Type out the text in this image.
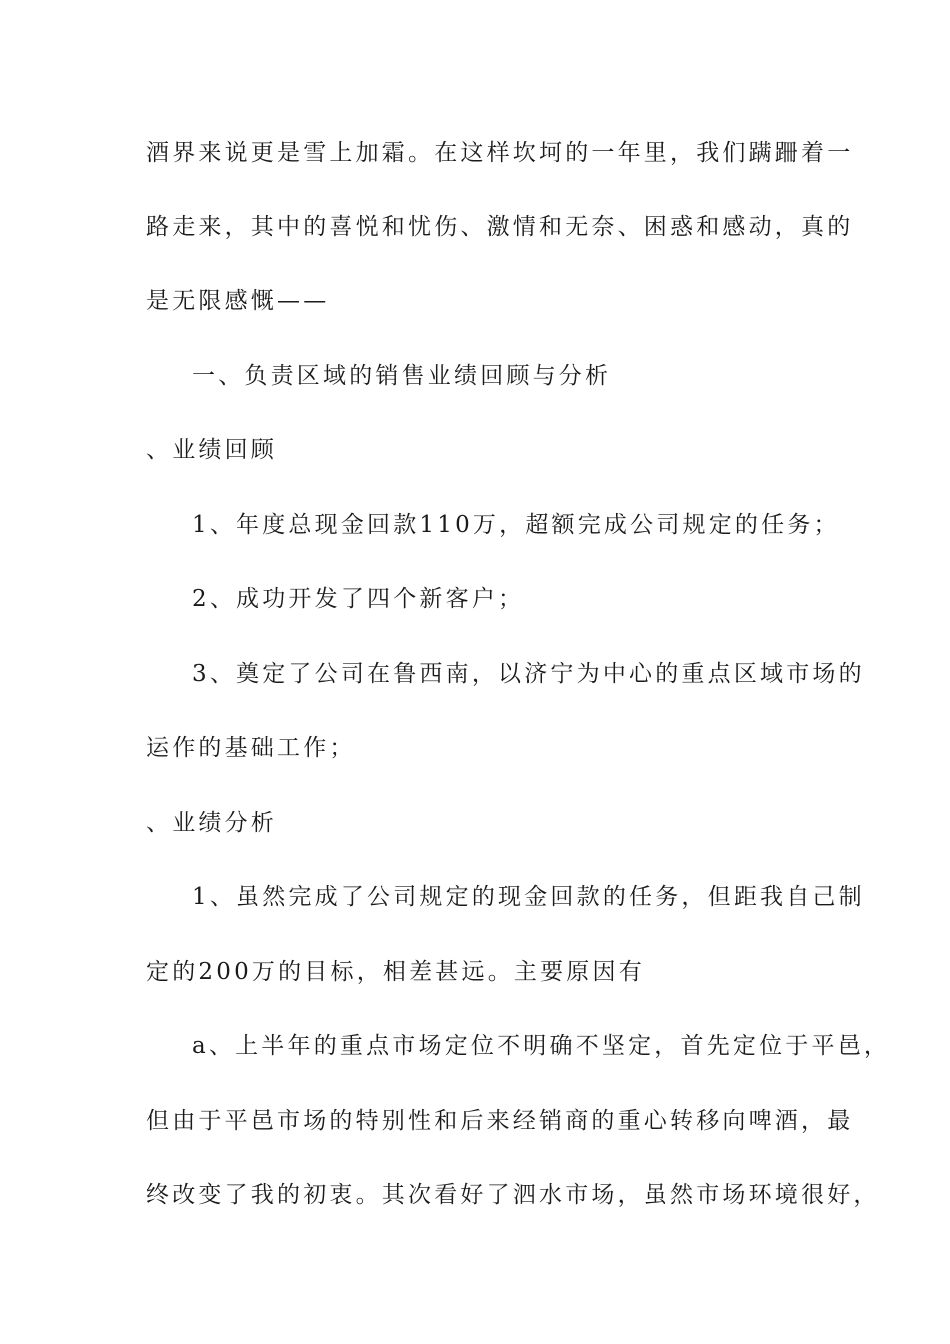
酒界来说更是雪上加霜。在这样坎坷的一年里，我们蹒跚着一
路走来，其中的喜悦和忧伤、激情和无奈、困惑和感动，真的
是无限感慨——
一、负责区域的销售业绩回顾与分析
、业绩回顾
1、年度总现金回款110万，超额完成公司规定的任务；
2、成功开发了四个新客户；
3、奠定了公司在鲁西南，以济宁为中心的重点区域市场的
运作的基础工作；
、业绩分析
1、虽然完成了公司规定的现金回款的任务，但距我自己制
定的200万的目标，相差甚远。主要原因有
a、上半年的重点市场定位不明确不坚定，首先定位于平邑，
但由于平邑市场的特别性和后来经销商的重心转移向啤酒，最
终改变了我的初衷。其次看好了泗水市场，虽然市场环境很好，
